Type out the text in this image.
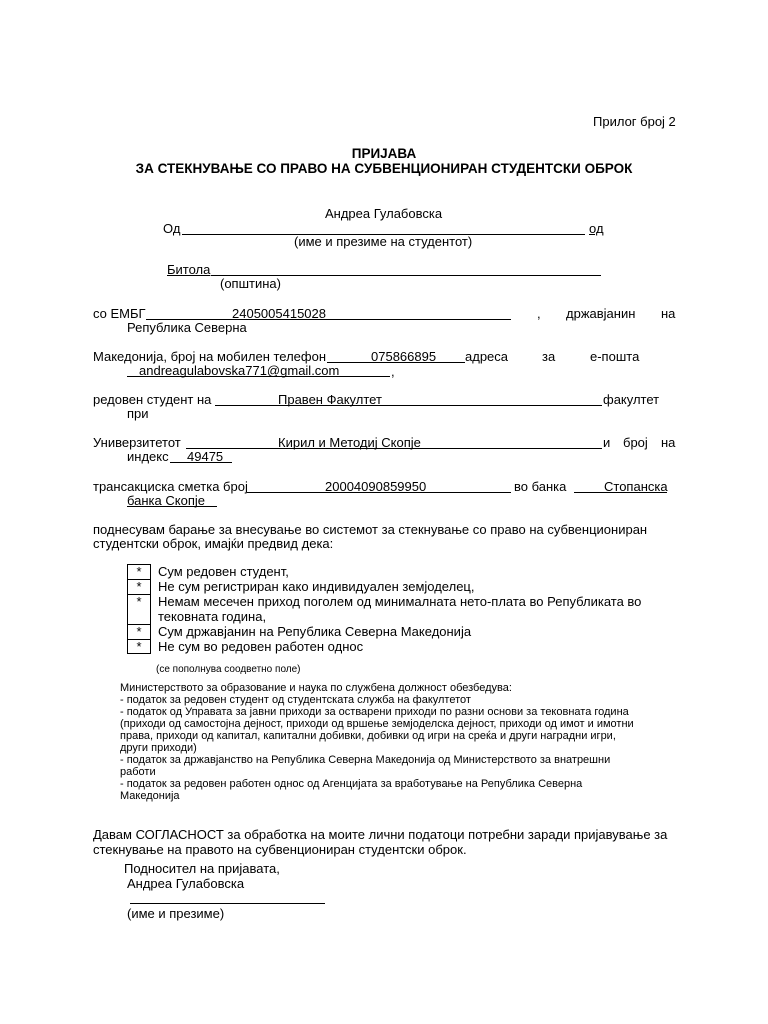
Прилог број 2
ПРИЈАВА
ЗА СТЕКНУВАЊЕ СО ПРАВО НА СУБВЕНЦИОНИРАН СТУДЕНТСКИ ОБРОК
Андреа Гулабовска
Од	од
(име и презиме на студентот)
Битола
(општина)
со ЕМБГ	2405005415028	, државјанин на
Република Северна
Македонија, број на мобилен телефон	075866895 адреса	за	е-пошта
andreagulabovska771@gmail.com	,
редовен студент на	Правен Факултет	факултет
при
Универзитетот	Кирил и Методиј Скопје	и број на
индекс 49475
трансакциска сметка број	20004090859950	во банка	Стопанска
банка Скопје
поднесувам барање за внесување во системот за стекнување со право на субвенциониран
студентски оброк, имајќи предвид дека:
*	Сум редовен студент,
*	Не сум регистриран како индивидуален земјоделец,
*	Немам месечен приход поголем од минималната нето-плата во Републиката во
тековната година,
*	Сум државјанин на Република Северна Македонија
*	Не сум во редовен работен однос
(се пополнува соодветно поле)
Министерството за образование и наука по службена должност обезбедува:
- податок за редовен студент од студентската служба на факултетот
- податок од Управата за јавни приходи за остварени приходи по разни основи за тековната година
(приходи од самостојна дејност, приходи од вршење земјоделска дејност, приходи од имот и имотни
права, приходи од капитал, капитални добивки, добивки од игри на среќа и други наградни игри,
други приходи)
- податок за државјанство на Република Северна Македонија од Министерството за внатрешни
работи
- податок за редовен работен однос од Агенцијата за вработување на Република Северна
Македонија
Давам СОГЛАСНОСТ за обработка на моите лични податоци потребни заради пријавување за
стекнување на правото на субвенциониран студентски оброк.
Подносител на пријавата,
Андреа Гулабовска
(име и презиме)
